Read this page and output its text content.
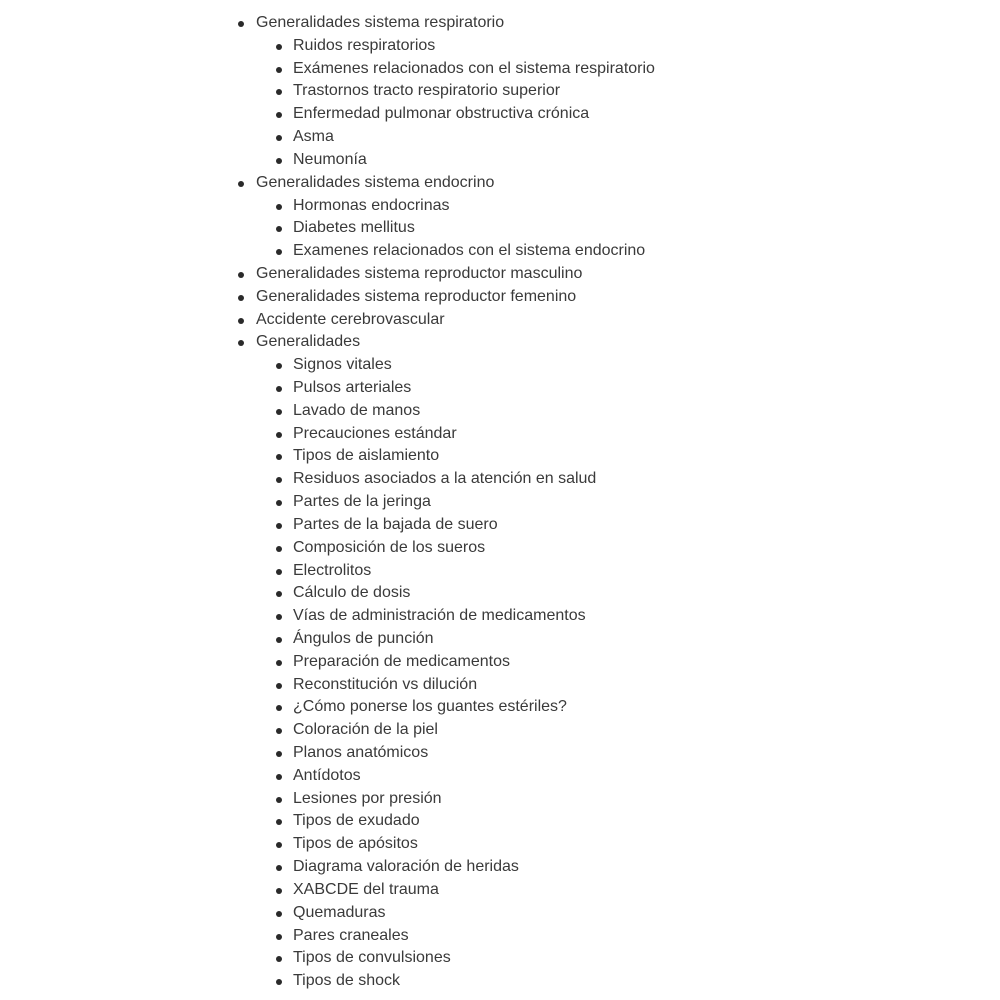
Generalidades sistema respiratorio
Ruidos respiratorios
Exámenes relacionados con el sistema respiratorio
Trastornos tracto respiratorio superior
Enfermedad pulmonar obstructiva crónica
Asma
Neumonía
Generalidades sistema endocrino
Hormonas endocrinas
Diabetes mellitus
Examenes relacionados con el sistema endocrino
Generalidades sistema reproductor masculino
Generalidades sistema reproductor femenino
Accidente cerebrovascular
Generalidades
Signos vitales
Pulsos arteriales
Lavado de manos
Precauciones estándar
Tipos de aislamiento
Residuos asociados a la atención en salud
Partes de la jeringa
Partes de la bajada de suero
Composición de los sueros
Electrolitos
Cálculo de dosis
Vías de administración de medicamentos
Ángulos de punción
Preparación de medicamentos
Reconstitución vs dilución
¿Cómo ponerse los guantes estériles?
Coloración de la piel
Planos anatómicos
Antídotos
Lesiones por presión
Tipos de exudado
Tipos de apósitos
Diagrama valoración de heridas
XABCDE del trauma
Quemaduras
Pares craneales
Tipos de convulsiones
Tipos de shock
